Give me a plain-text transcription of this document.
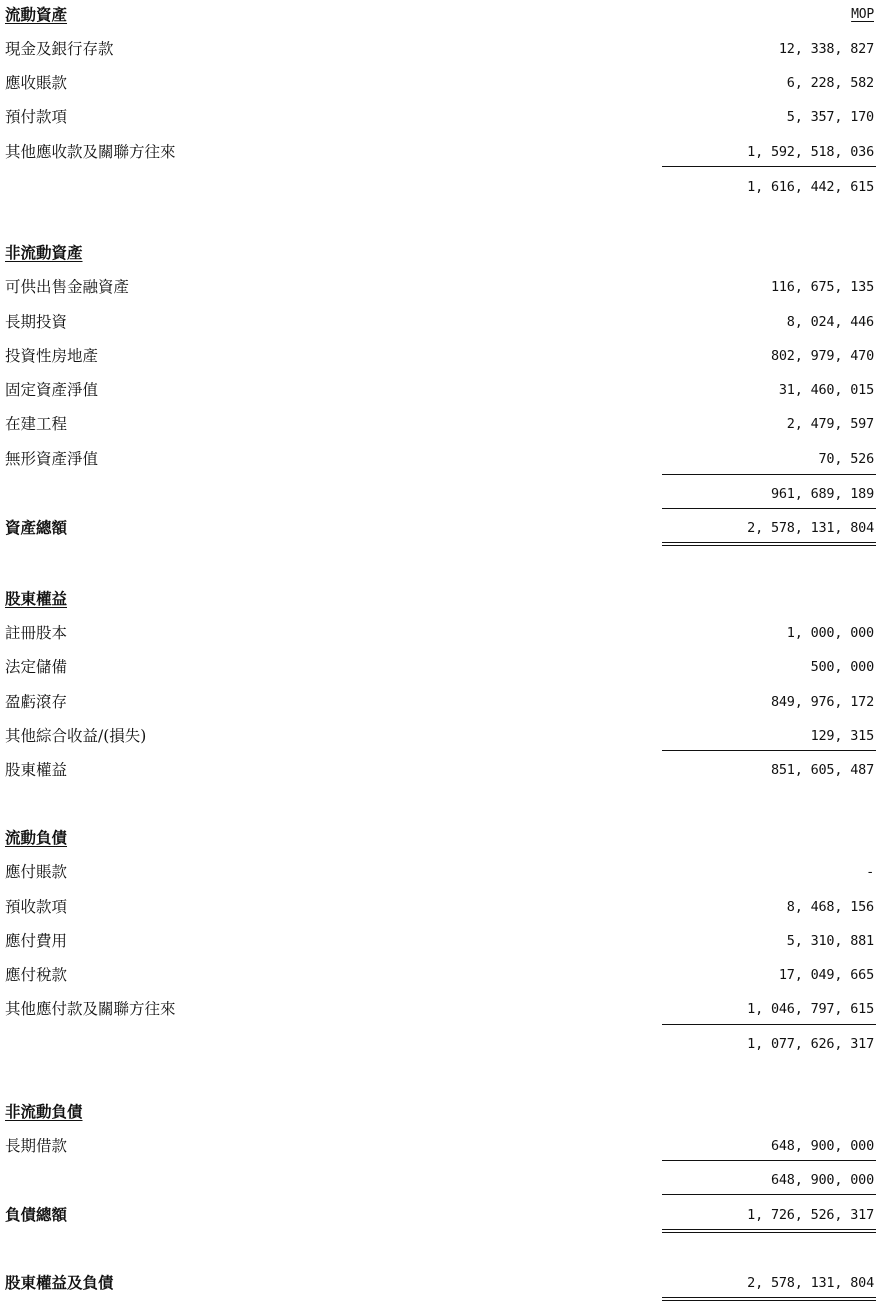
流動資產	MOP
現金及銀行存款	12, 338, 827
應收賬款	6, 228, 582
預付款項	5, 357, 170
其他應收款及關聯方往來	1, 592, 518, 036
1, 616, 442, 615
非流動資產
可供出售金融資產	116, 675, 135
長期投資	8, 024, 446
投資性房地產	802, 979, 470
固定資產淨值	31, 460, 015
在建工程	2, 479, 597
無形資產淨值	70, 526
961, 689, 189
資產總額	2, 578, 131, 804
股東權益
註冊股本	1, 000, 000
法定儲備	500, 000
盈虧滾存	849, 976, 172
其他綜合收益/(損失)	129, 315
股東權益	851, 605, 487
流動負債
應付賬款	-
預收款項	8, 468, 156
應付費用	5, 310, 881
應付稅款	17, 049, 665
其他應付款及關聯方往來	1, 046, 797, 615
1, 077, 626, 317
非流動負債
長期借款	648, 900, 000
648, 900, 000
負債總額	1, 726, 526, 317
股東權益及負債	2, 578, 131, 804
